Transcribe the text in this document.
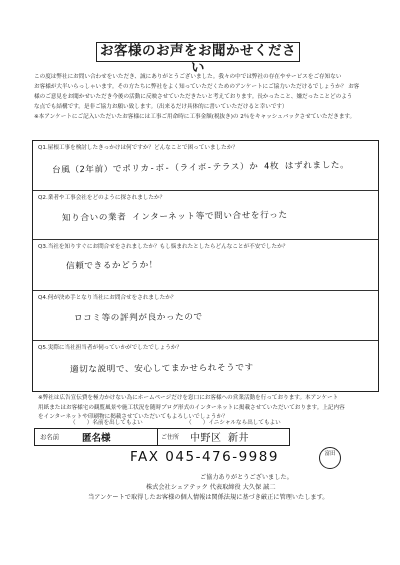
お客様のお声をお聞かせください
この度は弊社にお問い合わせをいただき、誠にありがとうございました。我々の中では弊社の存在やサービスをご存知ない
お客様が大半いらっしゃいます。その方たちに弊社をよく知っていただくためのアンケートにご協力いただけるでしょうか？ お客
様のご意見をお聞かせいただき今後の活動に反映させていただきたいと考えております。長かったこと、嫌だったことどのよう
な点でも結構です。是非ご協力お願い致します。（出来るだけ具体的に書いていただけると幸いです）
※本アンケートにご記入いただいたお客様には工事ご用命時に工事金額(税抜き)の 2％をキャッシュバックさせていただきます。
Q1.屋根工事を検討したきっかけは何ですか？どんなことで困っていましたか？
台風（2年前）でポリカ-ボ-（ライボ-テラス）か 4枚 はずれました。
Q2.業者や工事会社をどのように探されましたか？
知り合いの業者 インターネット等で問い合せを行った
Q3.当社を知りすぐにお問合せをされましたか？もし悩まれたとしたらどんなことが不安でしたか？
信頼できるかどうか！
Q4.何が決め手となり当社にお問合せをされましたか？
ロコミ等の評判が良かったので
Q5.実際に当社担当者が伺っていかがでしたでしょうか？
適切な説明で、安心してまかせられそうです
※弊社は広告宣伝費を極力かけない為にホームページだけを窓口にお客様への営業活動を行っております。本アンケート
用紙またはお客様宅の観覧風景や施工状況を随時ブログ形式のインターネットに掲載させていただいております。上記内容
をインターネットや印刷物に掲載させていただいてもよろしいでしょうか？
（　　）名前を出してもよい	（　　）イニシャルなら出してもよい
お名前 匿名様	ご住所 中野区 新井
FAX 045-476-9989	富田
ご協力ありがとうございました。
株式会社シェアテック 代表取締役 大久保 誠二
当アンケートで取得したお客様の個人情報は関係法規に基づき厳正に管理いたします。
